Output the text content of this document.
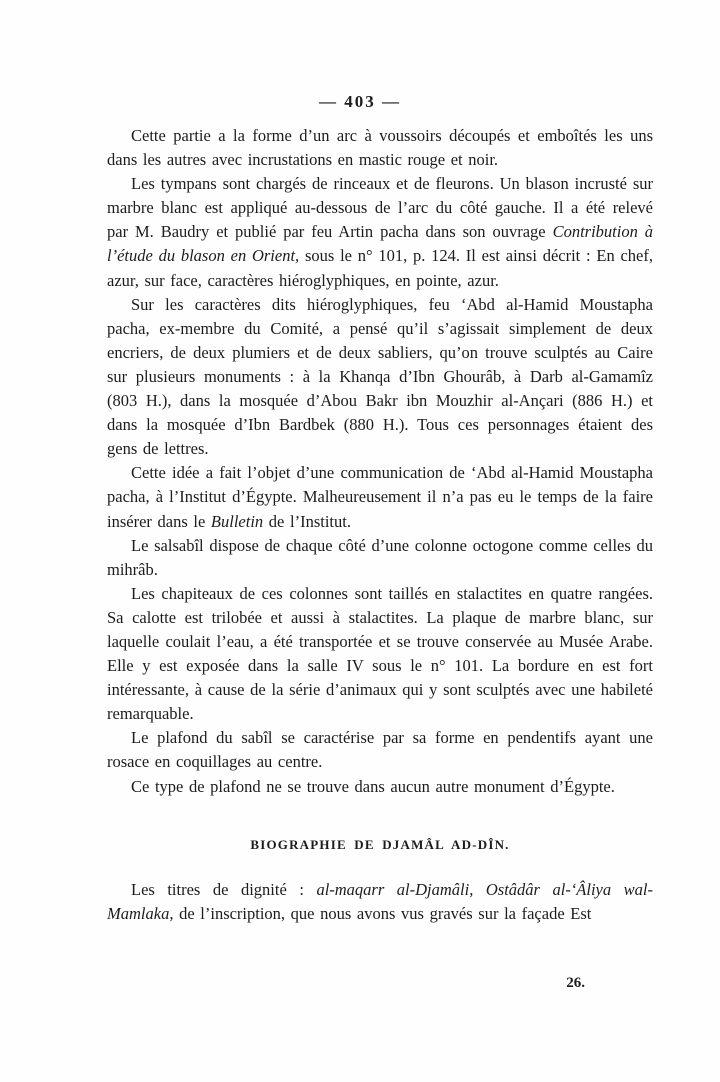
— 403 —

Cette partie a la forme d’un arc à voussoirs découpés et emboîtés les uns dans les autres avec incrustations en mastic rouge et noir.

Les tympans sont chargés de rinceaux et de fleurons. Un blason incrusté sur marbre blanc est appliqué au-dessous de l’arc du côté gauche. Il a été relevé par M. Baudry et publié par feu Artin pacha dans son ouvrage Contribution à l’étude du blason en Orient, sous le n° 101, p. 124. Il est ainsi décrit : En chef, azur, sur face, caractères hiéroglyphiques, en pointe, azur.

Sur les caractères dits hiéroglyphiques, feu ‘Abd al-Hamid Moustapha pacha, ex-membre du Comité, a pensé qu’il s’agissait simplement de deux encriers, de deux plumiers et de deux sabliers, qu’on trouve sculptés au Caire sur plusieurs monuments : à la Khanqa d’Ibn Ghourâb, à Darb al-Gamamîz (803 H.), dans la mosquée d’Abou Bakr ibn Mouzhir al-Ançari (886 H.) et dans la mosquée d’Ibn Bardbek (880 H.). Tous ces personnages étaient des gens de lettres.

Cette idée a fait l’objet d’une communication de ‘Abd al-Hamid Moustapha pacha, à l’Institut d’Égypte. Malheureusement il n’a pas eu le temps de la faire insérer dans le Bulletin de l’Institut.

Le salsabîl dispose de chaque côté d’une colonne octogone comme celles du mihrâb.

Les chapiteaux de ces colonnes sont taillés en stalactites en quatre rangées. Sa calotte est trilobée et aussi à stalactites. La plaque de marbre blanc, sur laquelle coulait l’eau, a été transportée et se trouve conservée au Musée Arabe. Elle y est exposée dans la salle IV sous le n° 101. La bordure en est fort intéressante, à cause de la série d’animaux qui y sont sculptés avec une habileté remarquable.

Le plafond du sabîl se caractérise par sa forme en pendentifs ayant une rosace en coquillages au centre.

Ce type de plafond ne se trouve dans aucun autre monument d’Égypte.

BIOGRAPHIE DE DJAMÂL AD-DÎN.

Les titres de dignité : al-maqarr al-Djamâli, Ostâdâr al-‘Âliya wal-Mamlaka, de l’inscription, que nous avons vus gravés sur la façade Est

26.
